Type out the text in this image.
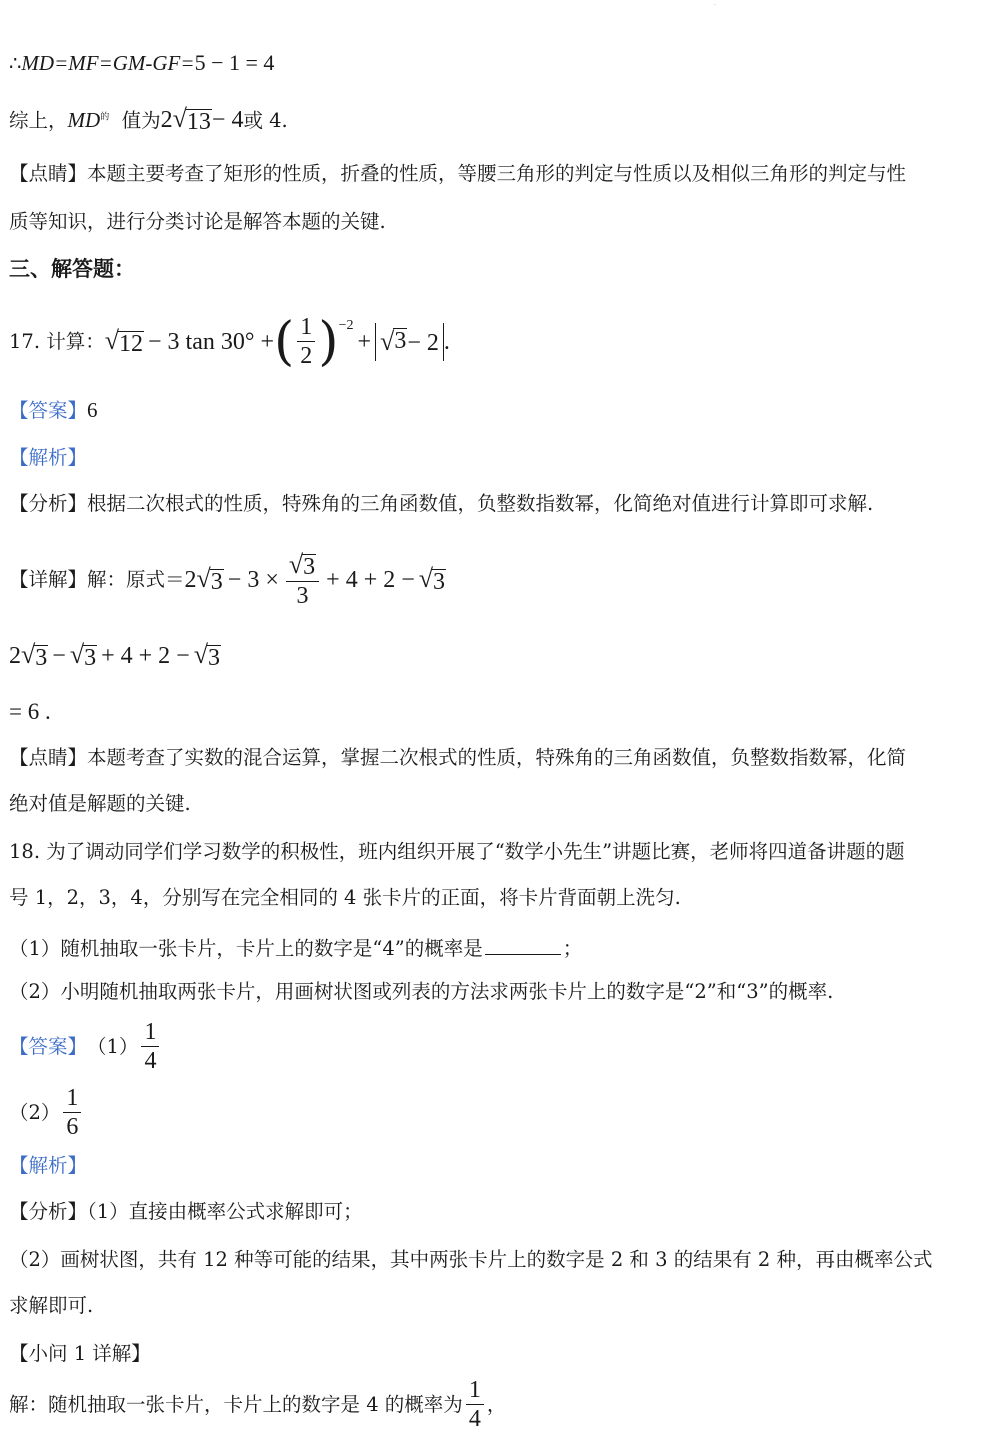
·
∴MD=MF=GM-GF=5 − 1 = 4
综上，$MD^的$ 值为2 √ 13 − 4或 4.
【点睛】本题主要考查了矩形的性质，折叠的性质，等腰三角形的判定与性质以及相似三角形的判定与性
质等知识，进行分类讨论是解答本题的关键.
三、解答题：
17. 计算： √ 12 − 3 tan 30° + ( $\frac{1}{2}$ ) −2
+ √ 3 − 2 .
【答案】6
【解析】
【分析】根据二次根式的性质，特殊角的三角函数值，负整数指数幂，化简绝对值进行计算即可求解.
【详解】解：原式＝ 2 √ $3 - 3 \times \frac{√ 3}{3} + 4 + 2$ − √ 3
2 √ 3 − √ 3 + 4 + 2 − √ 3
= 6 .
【点睛】本题考查了实数的混合运算，掌握二次根式的性质，特殊角的三角函数值，负整数指数幂，化简
绝对值是解题的关键.
18. 为了调动同学们学习数学的积极性，班内组织开展了“数学小先生”讲题比赛，老师将四道备讲题的题
号 1，2，3，4，分别写在完全相同的 4 张卡片的正面，将卡片背面朝上洗匀.
（1）随机抽取一张卡片，卡片上的数字是“4”的概率是	；
（2）小明随机抽取两张卡片，用画树状图或列表的方法求两张卡片上的数字是“2”和“3”的概率.
【答案】 $(1) \frac{1}{4}$
$(2) \frac{1}{6}$
【解析】
【分析】（1）直接由概率公式求解即可；
（2）画树状图，共有 12 种等可能的结果，其中两张卡片上的数字是 2 和 3 的结果有 2 种，再由概率公式
求解即可.
【小问 1 详解】
解：随机抽取一张卡片，卡片上的数字是 4 的概率为 $\frac{1}{4}$ ，
